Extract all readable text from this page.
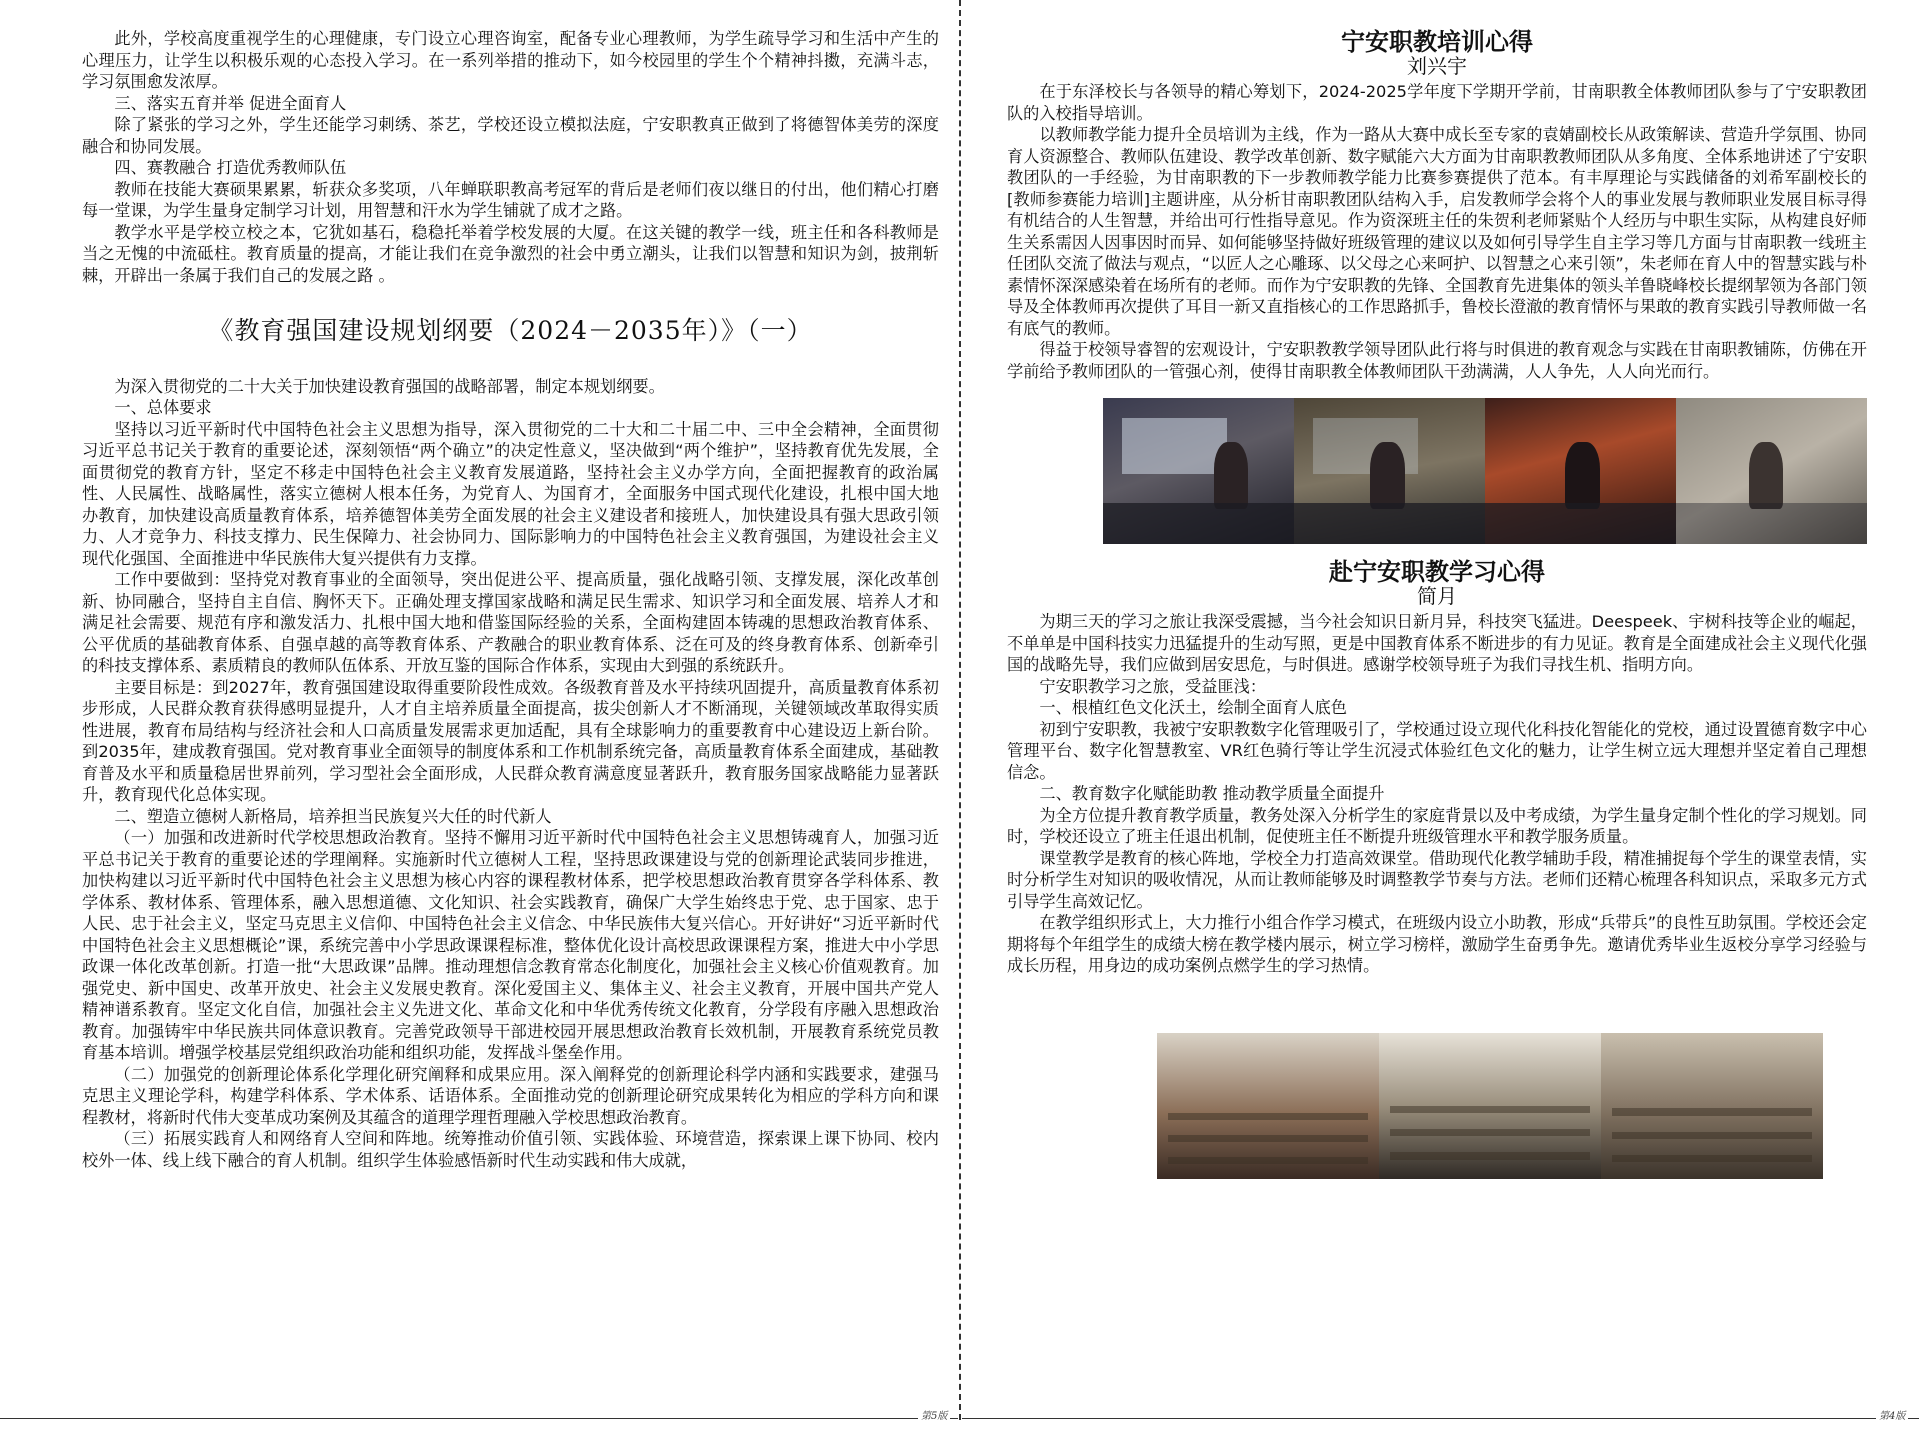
此外，学校高度重视学生的心理健康，专门设立心理咨询室，配备专业心理教师，为学生疏导学习和生活中产生的心理压力，让学生以积极乐观的心态投入学习。在一系列举措的推动下，如今校园里的学生个个精神抖擞，充满斗志，学习氛围愈发浓厚。

三、落实五育并举 促进全面育人

除了紧张的学习之外，学生还能学习刺绣、茶艺，学校还设立模拟法庭，宁安职教真正做到了将德智体美劳的深度融合和协同发展。

四、赛教融合 打造优秀教师队伍

教师在技能大赛硕果累累，斩获众多奖项，八年蝉联职教高考冠军的背后是老师们夜以继日的付出，他们精心打磨每一堂课，为学生量身定制学习计划，用智慧和汗水为学生铺就了成才之路。

教学水平是学校立校之本，它犹如基石，稳稳托举着学校发展的大厦。在这关键的教学一线，班主任和各科教师是当之无愧的中流砥柱。教育质量的提高，才能让我们在竞争激烈的社会中勇立潮头，让我们以智慧和知识为剑，披荆斩棘，开辟出一条属于我们自己的发展之路 。

《教育强国建设规划纲要（2024－2035年）》（一）

为深入贯彻党的二十大关于加快建设教育强国的战略部署，制定本规划纲要。

一、总体要求

坚持以习近平新时代中国特色社会主义思想为指导，深入贯彻党的二十大和二十届二中、三中全会精神，全面贯彻习近平总书记关于教育的重要论述，深刻领悟“两个确立”的决定性意义，坚决做到“两个维护”，坚持教育优先发展，全面贯彻党的教育方针，坚定不移走中国特色社会主义教育发展道路，坚持社会主义办学方向，全面把握教育的政治属性、人民属性、战略属性，落实立德树人根本任务，为党育人、为国育才，全面服务中国式现代化建设，扎根中国大地办教育，加快建设高质量教育体系，培养德智体美劳全面发展的社会主义建设者和接班人，加快建设具有强大思政引领力、人才竞争力、科技支撑力、民生保障力、社会协同力、国际影响力的中国特色社会主义教育强国，为建设社会主义现代化强国、全面推进中华民族伟大复兴提供有力支撑。

工作中要做到：坚持党对教育事业的全面领导，突出促进公平、提高质量，强化战略引领、支撑发展，深化改革创新、协同融合，坚持自主自信、胸怀天下。正确处理支撑国家战略和满足民生需求、知识学习和全面发展、培养人才和满足社会需要、规范有序和激发活力、扎根中国大地和借鉴国际经验的关系，全面构建固本铸魂的思想政治教育体系、公平优质的基础教育体系、自强卓越的高等教育体系、产教融合的职业教育体系、泛在可及的终身教育体系、创新牵引的科技支撑体系、素质精良的教师队伍体系、开放互鉴的国际合作体系，实现由大到强的系统跃升。

主要目标是：到2027年，教育强国建设取得重要阶段性成效。各级教育普及水平持续巩固提升，高质量教育体系初步形成，人民群众教育获得感明显提升，人才自主培养质量全面提高，拔尖创新人才不断涌现，关键领域改革取得实质性进展，教育布局结构与经济社会和人口高质量发展需求更加适配，具有全球影响力的重要教育中心建设迈上新台阶。到2035年，建成教育强国。党对教育事业全面领导的制度体系和工作机制系统完备，高质量教育体系全面建成，基础教育普及水平和质量稳居世界前列，学习型社会全面形成，人民群众教育满意度显著跃升，教育服务国家战略能力显著跃升，教育现代化总体实现。

二、塑造立德树人新格局，培养担当民族复兴大任的时代新人

（一）加强和改进新时代学校思想政治教育。坚持不懈用习近平新时代中国特色社会主义思想铸魂育人，加强习近平总书记关于教育的重要论述的学理阐释。实施新时代立德树人工程，坚持思政课建设与党的创新理论武装同步推进，加快构建以习近平新时代中国特色社会主义思想为核心内容的课程教材体系，把学校思想政治教育贯穿各学科体系、教学体系、教材体系、管理体系，融入思想道德、文化知识、社会实践教育，确保广大学生始终忠于党、忠于国家、忠于人民、忠于社会主义，坚定马克思主义信仰、中国特色社会主义信念、中华民族伟大复兴信心。开好讲好“习近平新时代中国特色社会主义思想概论”课，系统完善中小学思政课课程标准，整体优化设计高校思政课课程方案，推进大中小学思政课一体化改革创新。打造一批“大思政课”品牌。推动理想信念教育常态化制度化，加强社会主义核心价值观教育。加强党史、新中国史、改革开放史、社会主义发展史教育。深化爱国主义、集体主义、社会主义教育，开展中国共产党人精神谱系教育。坚定文化自信，加强社会主义先进文化、革命文化和中华优秀传统文化教育，分学段有序融入思想政治教育。加强铸牢中华民族共同体意识教育。完善党政领导干部进校园开展思想政治教育长效机制，开展教育系统党员教育基本培训。增强学校基层党组织政治功能和组织功能，发挥战斗堡垒作用。

（二）加强党的创新理论体系化学理化研究阐释和成果应用。深入阐释党的创新理论科学内涵和实践要求，建强马克思主义理论学科，构建学科体系、学术体系、话语体系。全面推动党的创新理论研究成果转化为相应的学科方向和课程教材，将新时代伟大变革成功案例及其蕴含的道理学理哲理融入学校思想政治教育。

（三）拓展实践育人和网络育人空间和阵地。统筹推动价值引领、实践体验、环境营造，探索课上课下协同、校内校外一体、线上线下融合的育人机制。组织学生体验感悟新时代生动实践和伟大成就，

宁安职教培训心得
刘兴宇

在于东泽校长与各领导的精心筹划下，2024-2025学年度下学期开学前，甘南职教全体教师团队参与了宁安职教团队的入校指导培训。

以教师教学能力提升全员培训为主线，作为一路从大赛中成长至专家的袁婧副校长从政策解读、营造升学氛围、协同育人资源整合、教师队伍建设、教学改革创新、数字赋能六大方面为甘南职教教师团队从多角度、全体系地讲述了宁安职教团队的一手经验，为甘南职教的下一步教师教学能力比赛参赛提供了范本。有丰厚理论与实践储备的刘希军副校长的[教师参赛能力培训]主题讲座，从分析甘南职教团队结构入手，启发教师学会将个人的事业发展与教师职业发展目标寻得有机结合的人生智慧，并给出可行性指导意见。作为资深班主任的朱贺利老师紧贴个人经历与中职生实际，从构建良好师生关系需因人因事因时而异、如何能够坚持做好班级管理的建议以及如何引导学生自主学习等几方面与甘南职教一线班主任团队交流了做法与观点，“以匠人之心雕琢、以父母之心来呵护、以智慧之心来引领”，朱老师在育人中的智慧实践与朴素情怀深深感染着在场所有的老师。而作为宁安职教的先锋、全国教育先进集体的领头羊鲁晓峰校长提纲挈领为各部门领导及全体教师再次提供了耳目一新又直指核心的工作思路抓手，鲁校长澄澈的教育情怀与果敢的教育实践引导教师做一名有底气的教师。

得益于校领导睿智的宏观设计，宁安职教教学领导团队此行将与时俱进的教育观念与实践在甘南职教铺陈，仿佛在开学前给予教师团队的一管强心剂，使得甘南职教全体教师团队干劲满满，人人争先，人人向光而行。

赴宁安职教学习心得
简月

为期三天的学习之旅让我深受震撼，当今社会知识日新月异，科技突飞猛进。Deespeek、宇树科技等企业的崛起，不单单是中国科技实力迅猛提升的生动写照，更是中国教育体系不断进步的有力见证。教育是全面建成社会主义现代化强国的战略先导，我们应做到居安思危，与时俱进。感谢学校领导班子为我们寻找生机、指明方向。

宁安职教学习之旅，受益匪浅：

一、根植红色文化沃土，绘制全面育人底色

初到宁安职教，我被宁安职教数字化管理吸引了，学校通过设立现代化科技化智能化的党校，通过设置德育数字中心管理平台、数字化智慧教室、VR红色骑行等让学生沉浸式体验红色文化的魅力，让学生树立远大理想并坚定着自己理想信念。

二、教育数字化赋能助教 推动教学质量全面提升

为全方位提升教育教学质量，教务处深入分析学生的家庭背景以及中考成绩，为学生量身定制个性化的学习规划。同时，学校还设立了班主任退出机制，促使班主任不断提升班级管理水平和教学服务质量。

课堂教学是教育的核心阵地，学校全力打造高效课堂。借助现代化教学辅助手段，精准捕捉每个学生的课堂表情，实时分析学生对知识的吸收情况，从而让教师能够及时调整教学节奏与方法。老师们还精心梳理各科知识点，采取多元方式引导学生高效记忆。

在教学组织形式上，大力推行小组合作学习模式，在班级内设立小助教，形成“兵带兵”的良性互助氛围。学校还会定期将每个年组学生的成绩大榜在教学楼内展示，树立学习榜样，激励学生奋勇争先。邀请优秀毕业生返校分享学习经验与成长历程，用身边的成功案例点燃学生的学习热情。

第5版	第4版
